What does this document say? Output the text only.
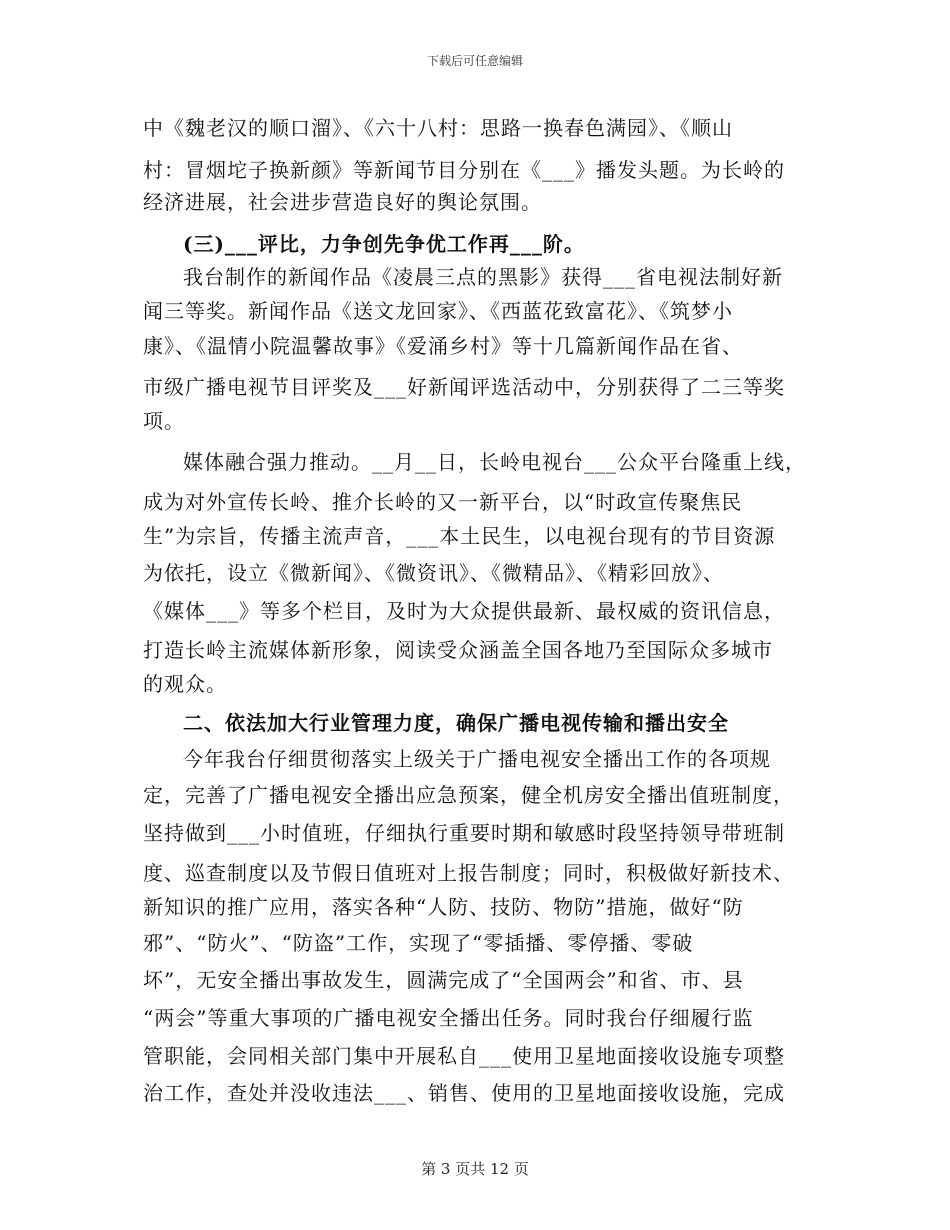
下载后可任意编辑
中《魏老汉的顺口溜》、《六十八村：思路一换春色满园》、《顺山
村：冒烟坨子换新颜》等新闻节目分别在《___》播发头题。为长岭的
经济进展，社会进步营造良好的舆论氛围。
(三)___评比，力争创先争优工作再___阶。
我台制作的新闻作品《凌晨三点的黑影》获得___省电视法制好新
闻三等奖。新闻作品《送文龙回家》、《西蓝花致富花》、《筑梦小
康》、《温情小院温馨故事》《爱涌乡村》等十几篇新闻作品在省、
市级广播电视节目评奖及___好新闻评选活动中，分别获得了二三等奖
项。
媒体融合强力推动。__月__日，长岭电视台___公众平台隆重上线，
成为对外宣传长岭、推介长岭的又一新平台，以“时政宣传聚焦民
生”为宗旨，传播主流声音，___本土民生，以电视台现有的节目资源
为依托，设立《微新闻》、《微资讯》、《微精品》、《精彩回放》、
《媒体___》等多个栏目，及时为大众提供最新、最权威的资讯信息，
打造长岭主流媒体新形象，阅读受众涵盖全国各地乃至国际众多城市
的观众。
二、依法加大行业管理力度，确保广播电视传输和播出安全
今年我台仔细贯彻落实上级关于广播电视安全播出工作的各项规
定，完善了广播电视安全播出应急预案，健全机房安全播出值班制度，
坚持做到___小时值班，仔细执行重要时期和敏感时段坚持领导带班制
度、巡查制度以及节假日值班对上报告制度；同时，积极做好新技术、
新知识的推广应用，落实各种“人防、技防、物防”措施，做好“防
邪”、“防火”、“防盗”工作，实现了“零插播、零停播、零破
坏”，无安全播出事故发生，圆满完成了“全国两会”和省、市、县
“两会”等重大事项的广播电视安全播出任务。同时我台仔细履行监
管职能，会同相关部门集中开展私自___使用卫星地面接收设施专项整
治工作，查处并没收违法___、销售、使用的卫星地面接收设施，完成
第 3 页共 12 页
